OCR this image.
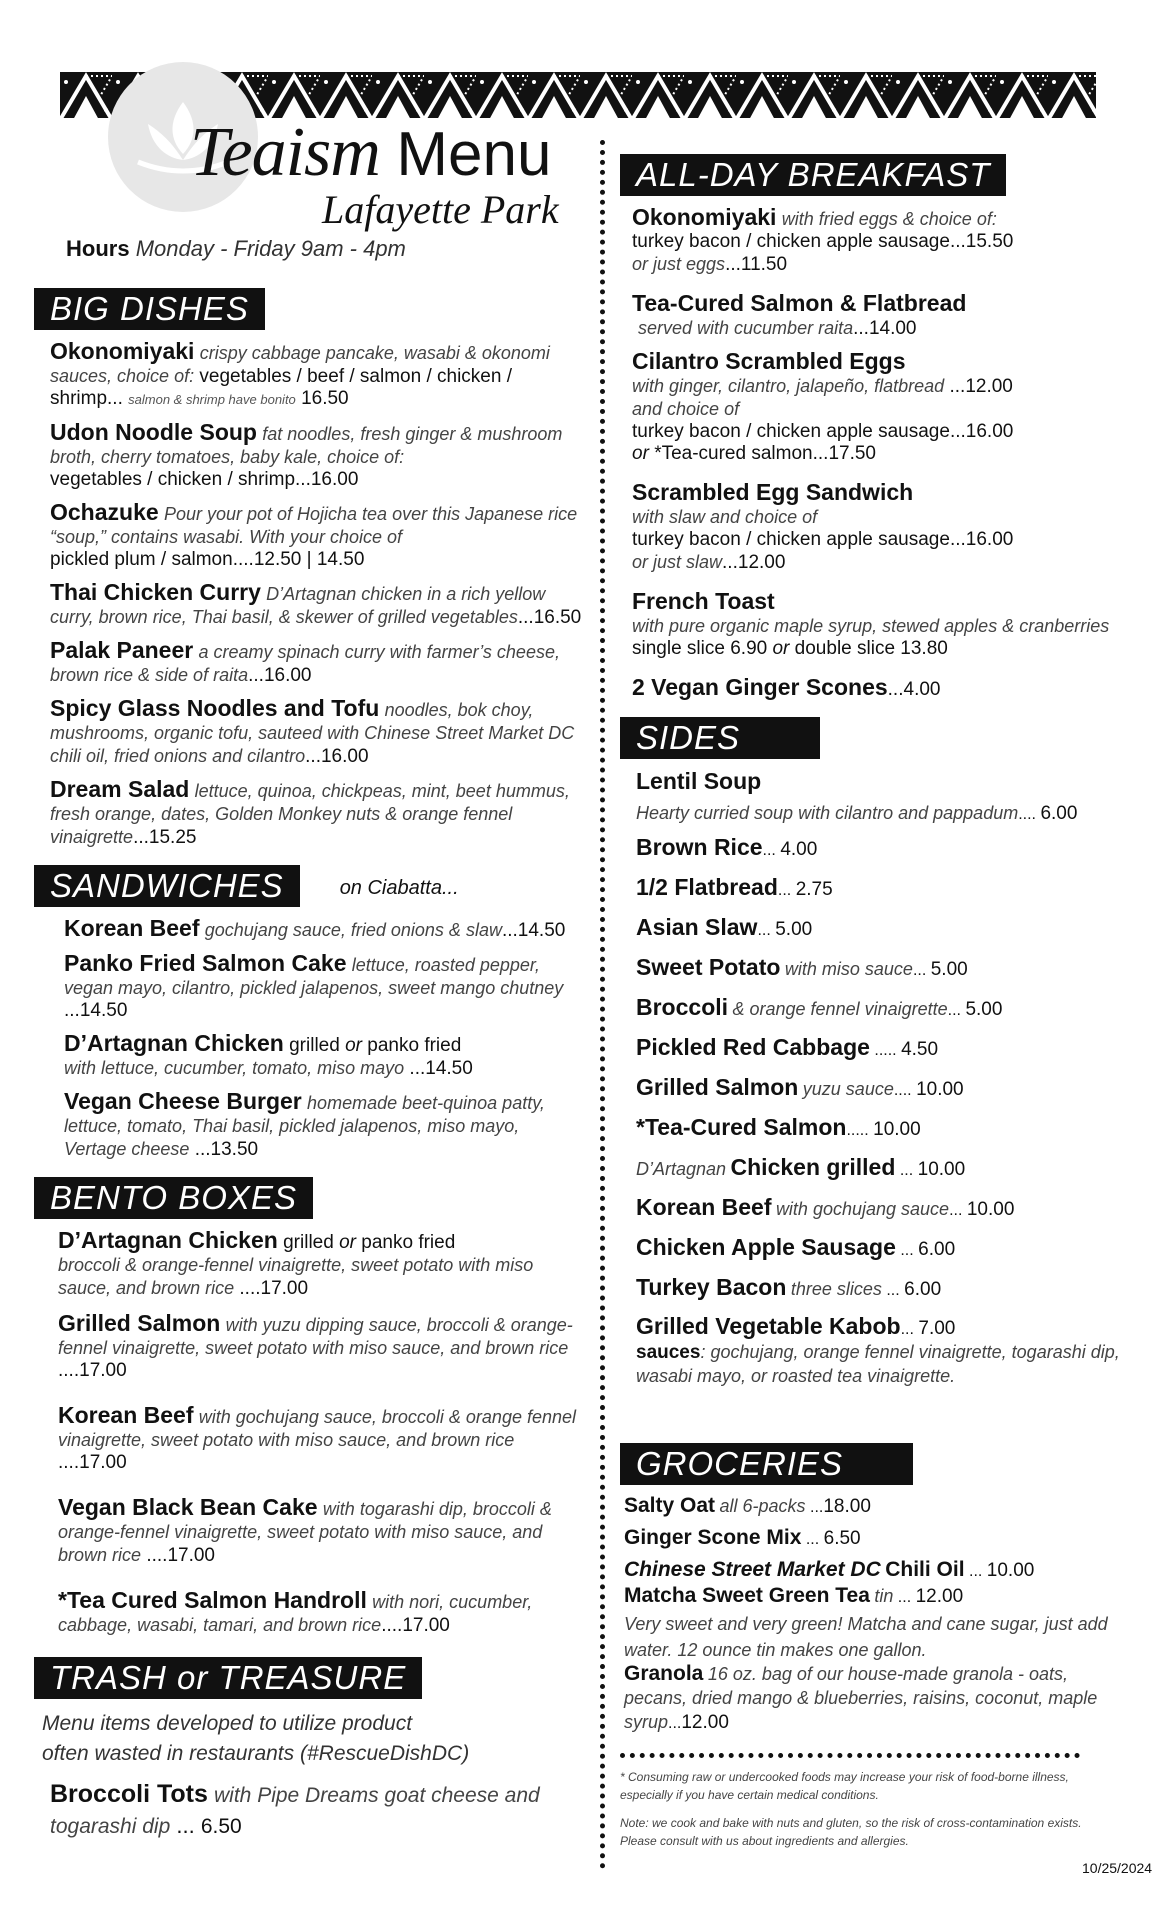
Teaism Menu
Lafayette Park
Hours Monday - Friday 9am - 4pm
BIG DISHES
Okonomiyaki crispy cabbage pancake, wasabi & okonomi sauces, choice of: vegetables / beef / salmon / chicken / shrimp... salmon & shrimp have bonito 16.50
Udon Noodle Soup fat noodles, fresh ginger & mushroom broth, cherry tomatoes, baby kale, choice of:
vegetables / chicken / shrimp...16.00
Ochazuke Pour your pot of Hojicha tea over this Japanese rice “soup,” contains wasabi. With your choice of
pickled plum / salmon....12.50 | 14.50
Thai Chicken Curry D’Artagnan chicken in a rich yellow curry, brown rice, Thai basil, & skewer of grilled vegetables...16.50
Palak Paneer a creamy spinach curry with farmer’s cheese, brown rice & side of raita...16.00
Spicy Glass Noodles and Tofu noodles, bok choy, mushrooms, organic tofu, sauteed with Chinese Street Market DC chili oil, fried onions and cilantro...16.00
Dream Salad lettuce, quinoa, chickpeas, mint, beet hummus, fresh orange, dates, Golden Monkey nuts & orange fennel vinaigrette...15.25
SANDWICHES	on Ciabatta...
Korean Beef gochujang sauce, fried onions & slaw...14.50
Panko Fried Salmon Cake lettuce, roasted pepper, vegan mayo, cilantro, pickled jalapenos, sweet mango chutney
...14.50
D’Artagnan Chicken grilled or panko fried
with lettuce, cucumber, tomato, miso mayo ...14.50
Vegan Cheese Burger homemade beet-quinoa patty, lettuce, tomato, Thai basil, pickled jalapenos, miso mayo, Vertage cheese ...13.50
BENTO BOXES
D’Artagnan Chicken grilled or panko fried
broccoli & orange-fennel vinaigrette, sweet potato with miso sauce, and brown rice ....17.00
Grilled Salmon with yuzu dipping sauce, broccoli & orange-fennel vinaigrette, sweet potato with miso sauce, and brown rice ....17.00
Korean Beef with gochujang sauce, broccoli & orange fennel vinaigrette, sweet potato with miso sauce, and brown rice ....17.00
Vegan Black Bean Cake with togarashi dip, broccoli & orange-fennel vinaigrette, sweet potato with miso sauce, and brown rice ....17.00
*Tea Cured Salmon Handroll with nori, cucumber, cabbage, wasabi, tamari, and brown rice....17.00
TRASH or TREASURE
Menu items developed to utilize product
often wasted in restaurants (#RescueDishDC)
Broccoli Tots with Pipe Dreams goat cheese and togarashi dip ... 6.50
ALL-DAY BREAKFAST
Okonomiyaki with fried eggs & choice of:
turkey bacon / chicken apple sausage...15.50
or just eggs...11.50
Tea-Cured Salmon & Flatbread
served with cucumber raita...14.00
Cilantro Scrambled Eggs
with ginger, cilantro, jalapeño, flatbread ...12.00
and choice of
turkey bacon / chicken apple sausage...16.00
or *Tea-cured salmon...17.50
Scrambled Egg Sandwich
with slaw and choice of
turkey bacon / chicken apple sausage...16.00
or just slaw...12.00
French Toast
with pure organic maple syrup, stewed apples & cranberries
single slice 6.90 or double slice 13.80
2 Vegan Ginger Scones...4.00
SIDES
Lentil Soup
Hearty curried soup with cilantro and pappadum.... 6.00
Brown Rice... 4.00
1/2 Flatbread... 2.75
Asian Slaw... 5.00
Sweet Potato with miso sauce... 5.00
Broccoli & orange fennel vinaigrette... 5.00
Pickled Red Cabbage ..... 4.50
Grilled Salmon yuzu sauce.... 10.00
*Tea-Cured Salmon..... 10.00
D’Artagnan Chicken grilled ... 10.00
Korean Beef with gochujang sauce... 10.00
Chicken Apple Sausage ... 6.00
Turkey Bacon three slices ... 6.00
Grilled Vegetable Kabob... 7.00
sauces: gochujang, orange fennel vinaigrette, togarashi dip, wasabi mayo, or roasted tea vinaigrette.
GROCERIES
Salty Oat all 6-packs ...18.00
Ginger Scone Mix ... 6.50
Chinese Street Market DC Chili Oil ... 10.00
Matcha Sweet Green Tea tin ... 12.00
Very sweet and very green! Matcha and cane sugar, just add water. 12 ounce tin makes one gallon.
Granola 16 oz. bag of our house-made granola - oats, pecans, dried mango & blueberries, raisins, coconut, maple syrup...12.00
* Consuming raw or undercooked foods may increase your risk of food-borne illness, especially if you have certain medical conditions.
Note: we cook and bake with nuts and gluten, so the risk of cross-contamination exists. Please consult with us about ingredients and allergies.
10/25/2024
